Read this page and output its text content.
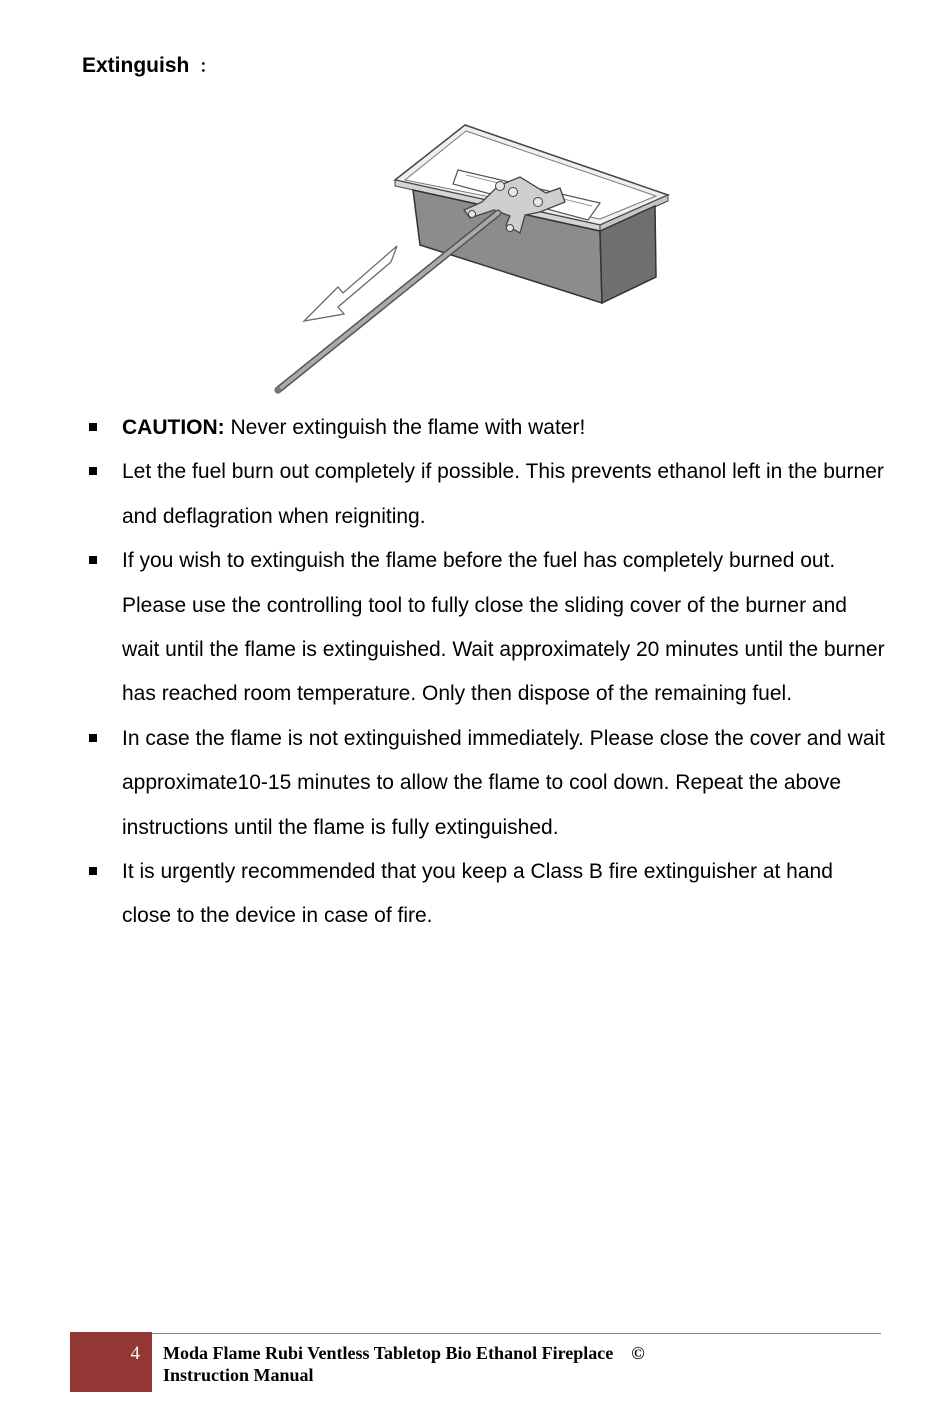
Extinguish ：
CAUTION: Never extinguish the flame with water!
Let the fuel burn out completely if possible. This prevents ethanol left in the burner and deflagration when reigniting.
If you wish to extinguish the flame before the fuel has completely burned out. Please use the controlling tool to fully close the sliding cover of the burner and wait until the flame is extinguished. Wait approximately 20 minutes until the burner has reached room temperature. Only then dispose of the remaining fuel.
In case the flame is not extinguished immediately. Please close the cover and wait approximate10-15 minutes to allow the flame to cool down. Repeat the above instructions until the flame is fully extinguished.
It is urgently recommended that you keep a Class B fire extinguisher at hand close to the device in case of fire.
4 Moda Flame Rubi Ventless Tabletop Bio Ethanol Fireplace ©
Instruction Manual
